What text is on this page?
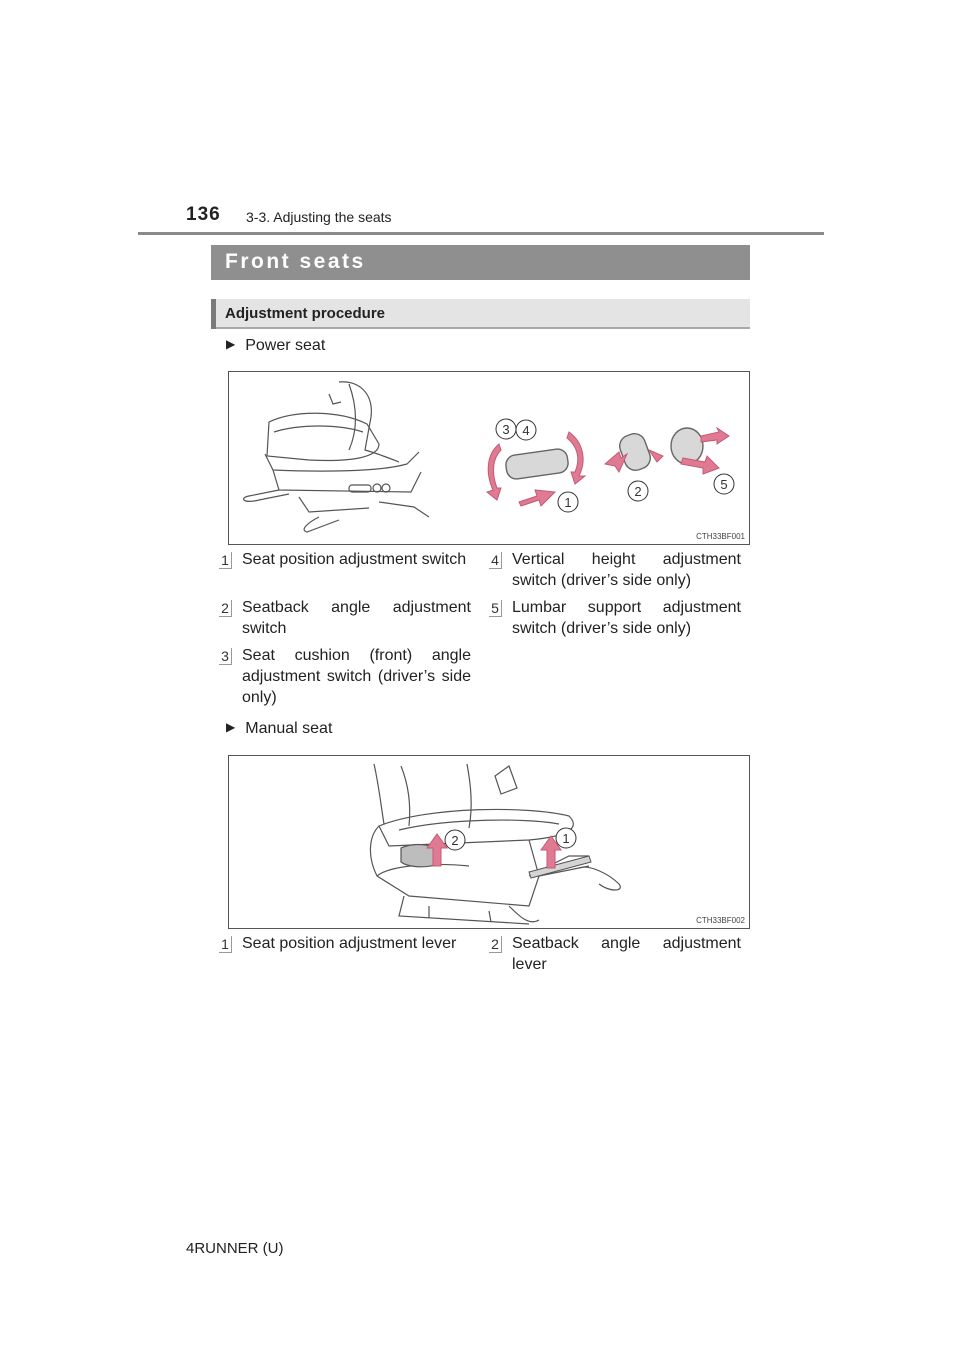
136 3-3. Adjusting the seats
Front seats
Adjustment procedure
▶ Power seat
3 4
1
2	5
CTH33BF001
1 Seat position adjustment switch
2 Seatback angle adjustment switch
3 Seat cushion (front) angle adjustment switch (driver’s side only)
4 Vertical height adjustment switch (driver’s side only)
5 Lumbar support adjustment switch (driver’s side only)
▶ Manual seat
2	1
CTH33BF002
1 Seat position adjustment lever	2 Seatback angle adjustment lever
4RUNNER (U)
